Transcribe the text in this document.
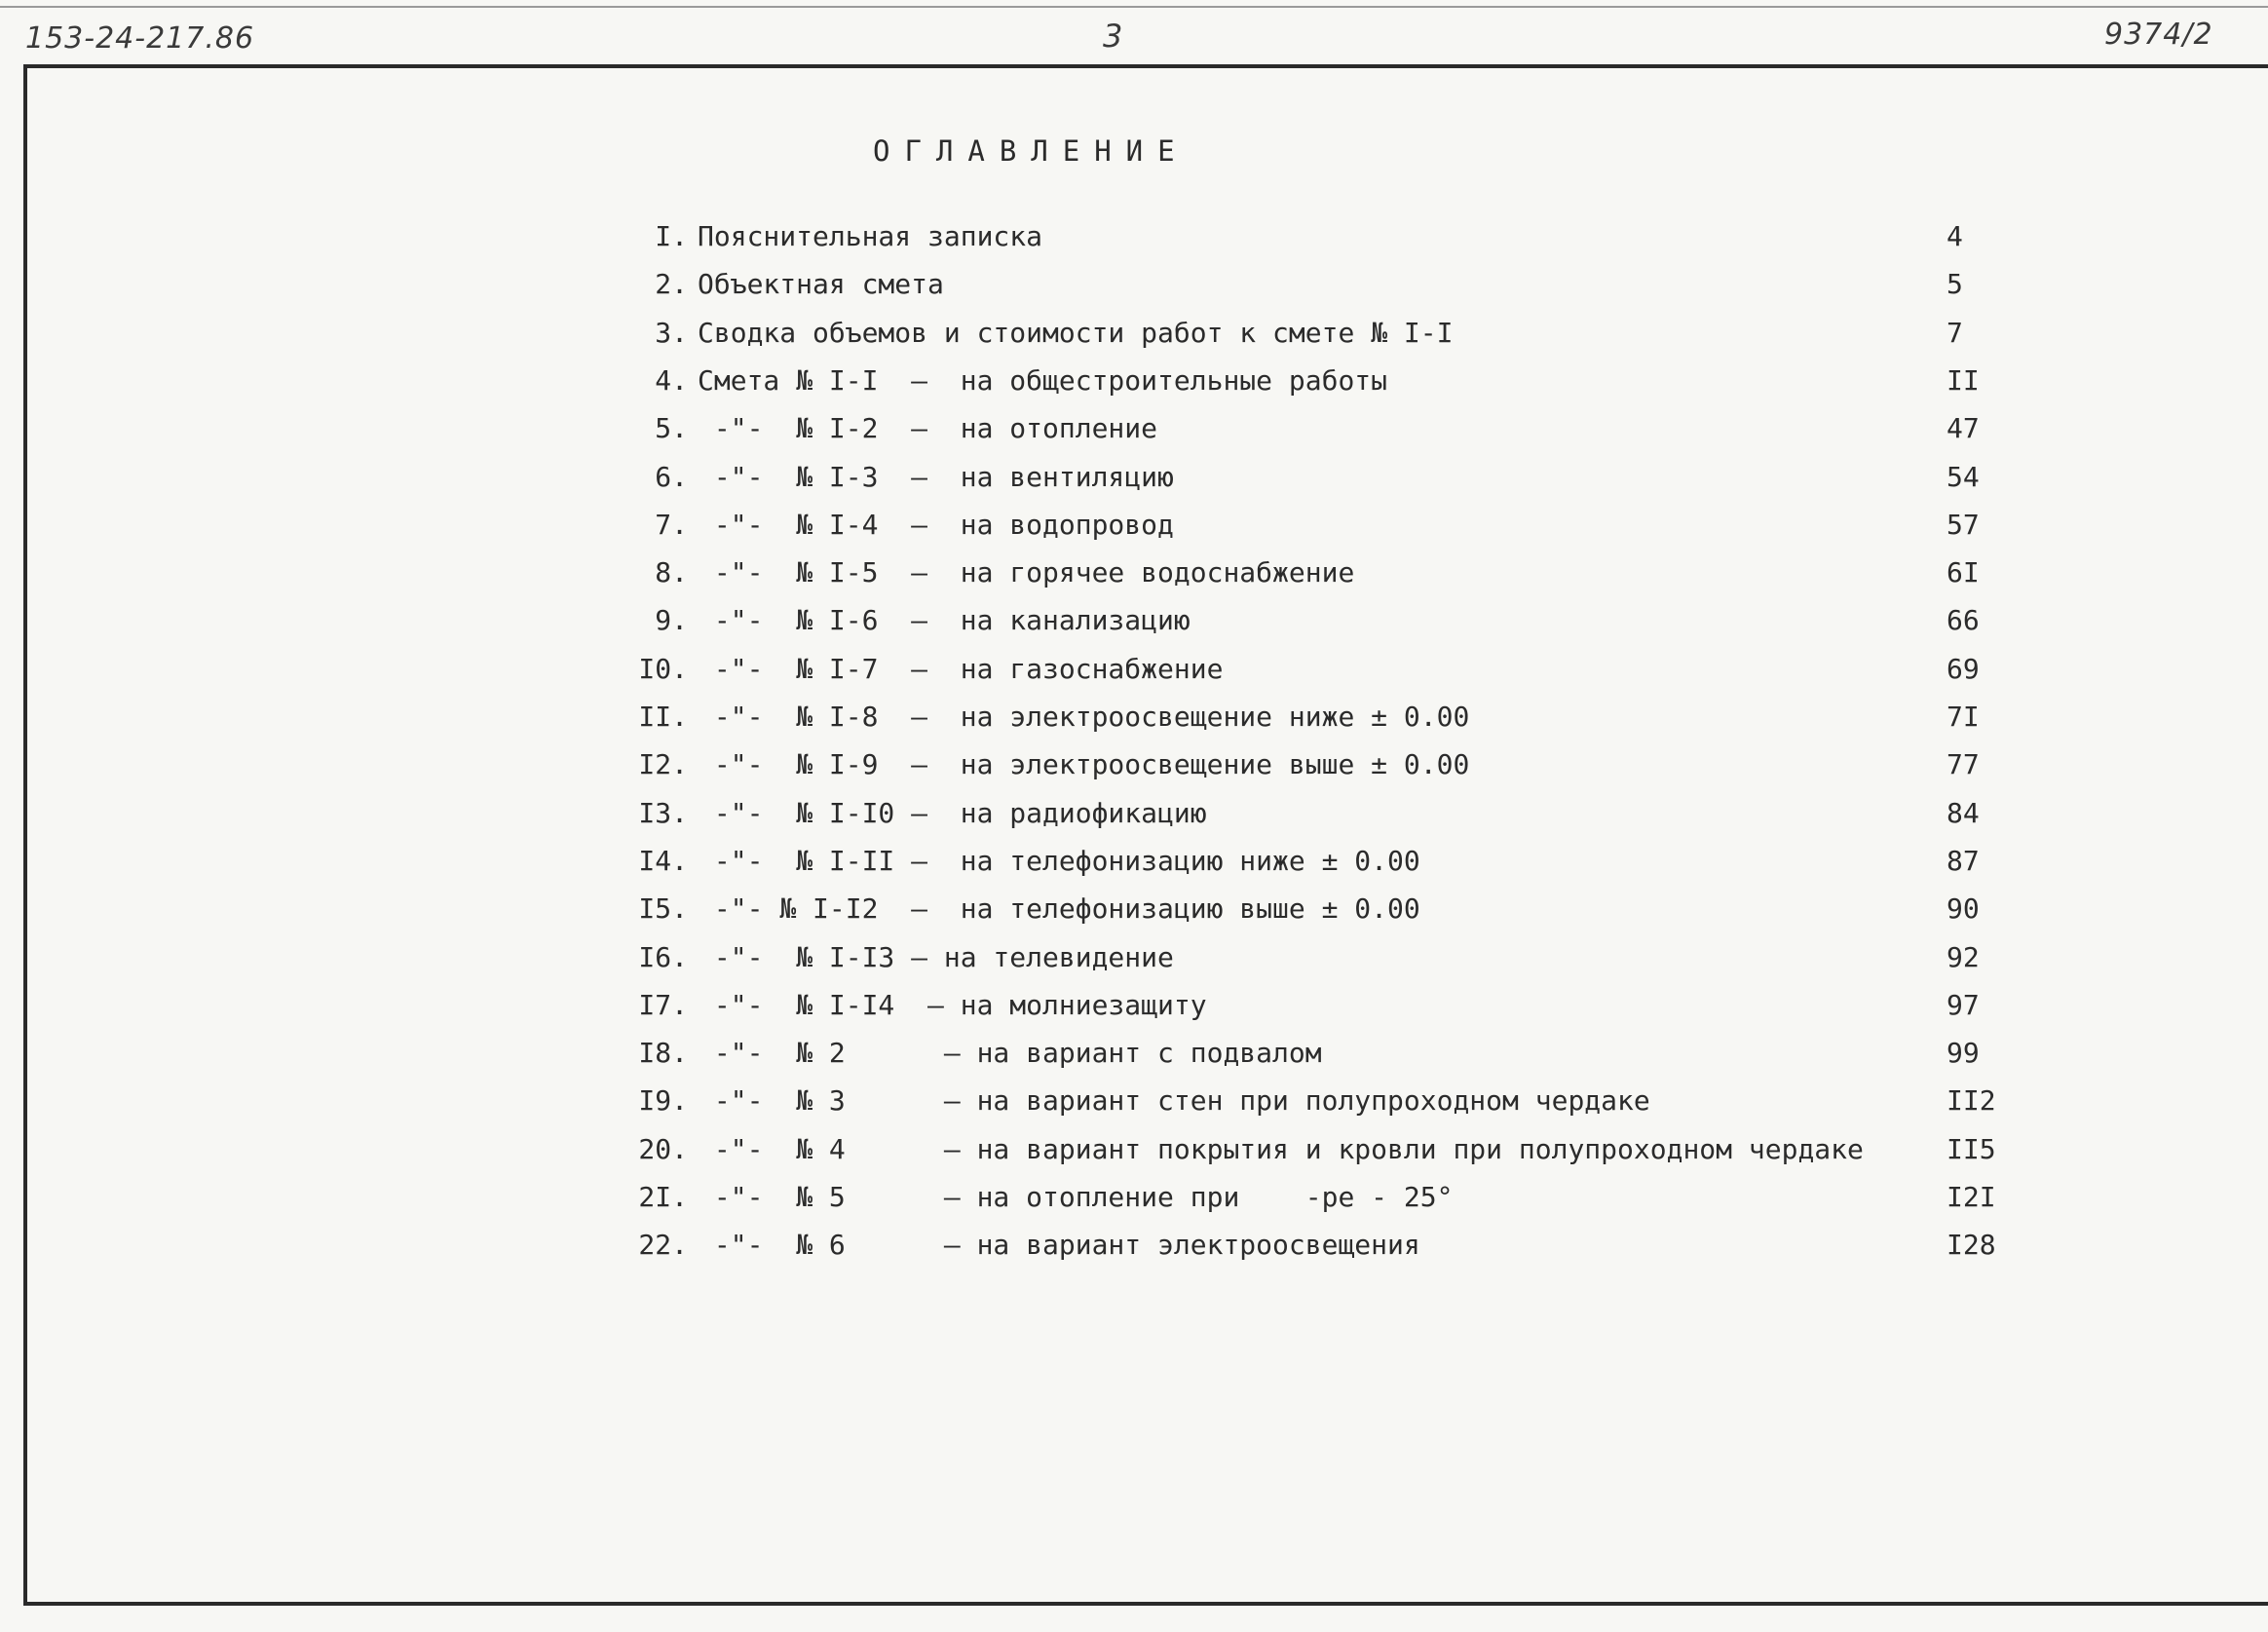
153-24-217.86	3	9374/2
ОГЛАВЛЕНИЕ
I. Пояснительная записка	4
2. Объектная смета	5
3. Сводка объемов и стоимости работ к смете № I-I	7
4. Смета № I-I  –  на общестроительные работы	II
5. -"-  № I-2  –  на отопление	47
6. -"-  № I-3  –  на вентиляцию	54
7. -"-  № I-4  –  на водопровод	57
8. -"-  № I-5  –  на горячее водоснабжение	6I
9. -"-  № I-6  –  на канализацию	66
I0. -"-  № I-7  –  на газоснабжение	69
II. -"-  № I-8  –  на электроосвещение ниже ± 0.00	7I
I2. -"-  № I-9  –  на электроосвещение выше ± 0.00	77
I3. -"-  № I-I0 –  на радиофикацию	84
I4. -"-  № I-II –  на телефонизацию ниже ± 0.00	87
I5. -"- № I-I2  –  на телефонизацию выше ± 0.00	90
I6. -"-  № I-I3 – на телевидение	92
I7. -"-  № I-I4  – на молниезащиту	97
I8. -"-  № 2      – на вариант с подвалом	99
I9. -"-  № 3      – на вариант стен при полупроходном чердаке	II2
20. -"-  № 4      – на вариант покрытия и кровли при полупроходном чердаке	II5
2I. -"-  № 5      – на отопление при    -ре - 25°	I2I
22. -"-  № 6      – на вариант электроосвещения	I28
